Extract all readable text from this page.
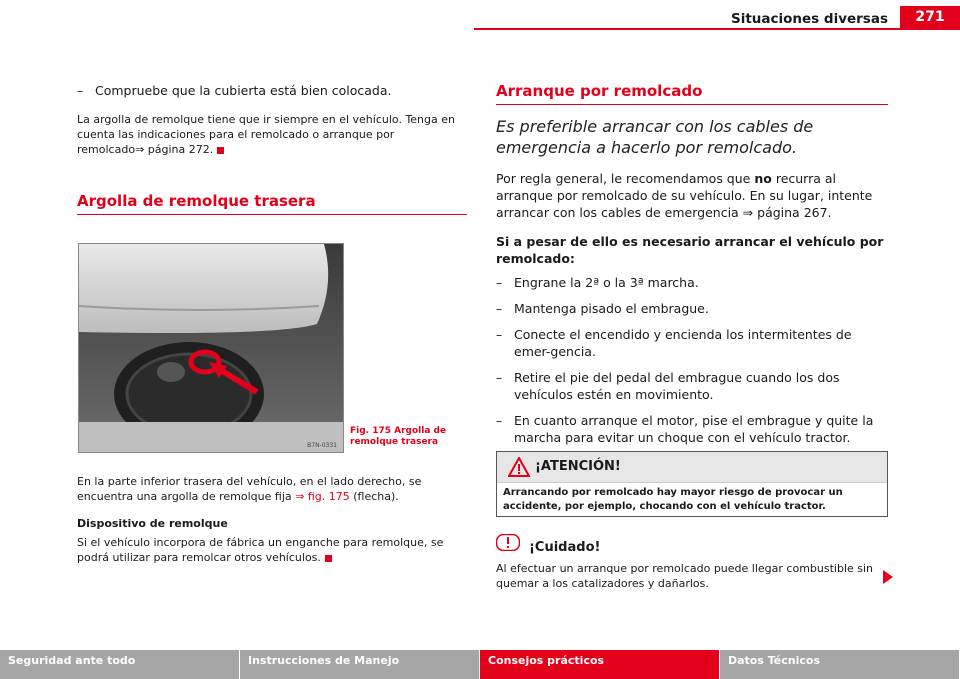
Situaciones diversas	271
– Compruebe que la cubierta está bien colocada.

La argolla de remolque tiene que ir siempre en el vehículo. Tenga en cuenta las indicaciones para el remolcado o arranque por remolcado⇒ página 272.

Argolla de remolque trasera
B7N-0331
Fig. 175 Argolla de remolque trasera

En la parte inferior trasera del vehículo, en el lado derecho, se encuentra una argolla de remolque fija ⇒ fig. 175 (flecha).

Dispositivo de remolque

Si el vehículo incorpora de fábrica un enganche para remolque, se podrá utilizar para remolcar otros vehículos.

Arranque por remolcado

Es preferible arrancar con los cables de emergencia a hacerlo por remolcado.

Por regla general, le recomendamos que no recurra al arranque por remolcado de su vehículo. En su lugar, intente arrancar con los cables de emergencia ⇒ página 267.

Si a pesar de ello es necesario arrancar el vehículo por remolcado:

– Engrane la 2ª o la 3ª marcha.
– Mantenga pisado el embrague.
– Conecte el encendido y encienda los intermitentes de emer-gencia.
– Retire el pie del pedal del embrague cuando los dos vehículos estén en movimiento.
– En cuanto arranque el motor, pise el embrague y quite la marcha para evitar un choque con el vehículo tractor.
¡ATENCIÓN!
Arrancando por remolcado hay mayor riesgo de provocar un accidente, por ejemplo, chocando con el vehículo tractor.
¡Cuidado!

Al efectuar un arranque por remolcado puede llegar combustible sin quemar a los catalizadores y dañarlos.

Seguridad ante todo	Instrucciones de Manejo	Consejos prácticos	Datos Técnicos
